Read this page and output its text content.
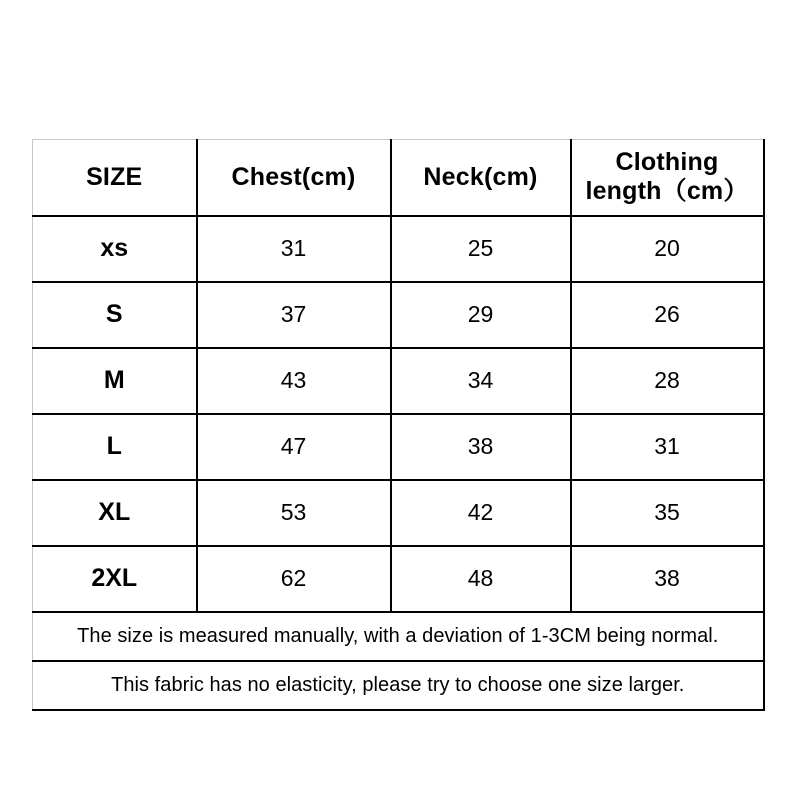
SIZE	Chest(cm)	Neck(cm)	Clothing length（cm）
xs	31	25	20
S	37	29	26
M	43	34	28
L	47	38	31
XL	53	42	35
2XL	62	48	38
The size is measured manually, with a deviation of 1-3CM being normal.			
This fabric has no elasticity, please try to choose one size larger.			
